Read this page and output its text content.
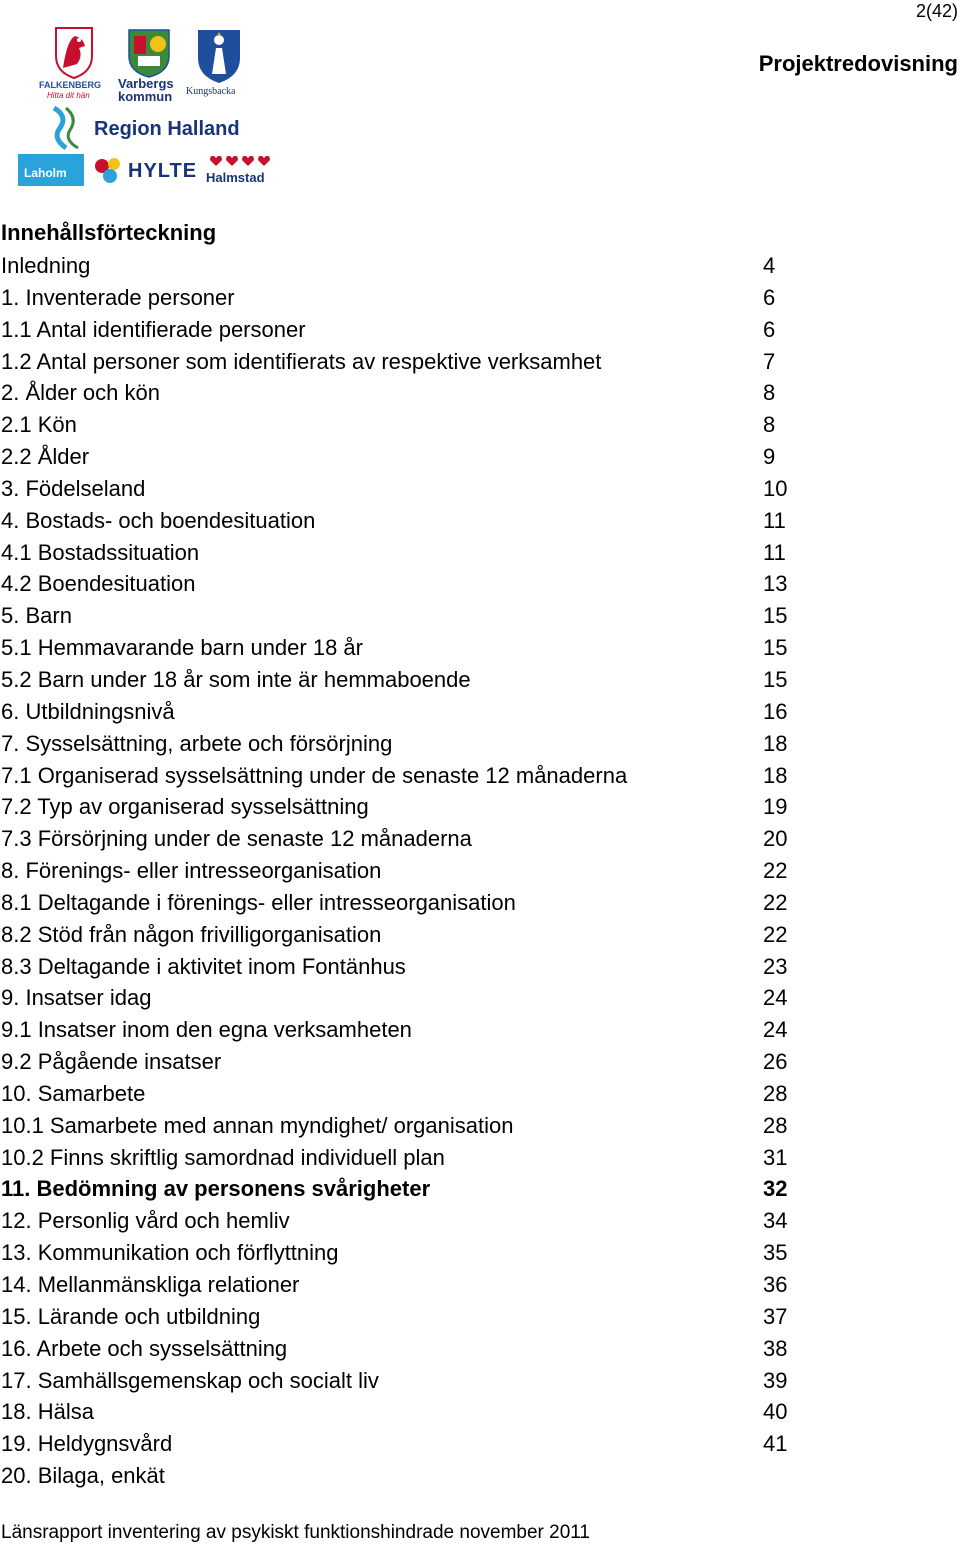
2(42)
Projektredovisning
FALKENBERG
Hitta dit hän
Varbergs
kommun Kungsbacka
Region Halland
Laholm	HYLTE Halmstad
Innehållsförteckning
Inledning	4
1. Inventerade personer	6
1.1 Antal identifierade personer	6
1.2 Antal personer som identifierats av respektive verksamhet	7
2. Ålder och kön	8
2.1 Kön	8
2.2 Ålder	9
3. Födelseland	10
4. Bostads- och boendesituation	11
4.1 Bostadssituation	11
4.2 Boendesituation	13
5. Barn	15
5.1 Hemmavarande barn under 18 år	15
5.2 Barn under 18 år som inte är hemmaboende	15
6. Utbildningsnivå	16
7. Sysselsättning, arbete och försörjning	18
7.1 Organiserad sysselsättning under de senaste 12 månaderna	18
7.2 Typ av organiserad sysselsättning	19
7.3 Försörjning under de senaste 12 månaderna	20
8. Förenings- eller intresseorganisation	22
8.1 Deltagande i förenings- eller intresseorganisation	22
8.2 Stöd från någon frivilligorganisation	22
8.3 Deltagande i aktivitet inom Fontänhus	23
9. Insatser idag	24
9.1 Insatser inom den egna verksamheten	24
9.2 Pågående insatser	26
10. Samarbete	28
10.1 Samarbete med annan myndighet/ organisation	28
10.2 Finns skriftlig samordnad individuell plan	31
11. Bedömning av personens svårigheter	32
12. Personlig vård och hemliv	34
13. Kommunikation och förflyttning	35
14. Mellanmänskliga relationer	36
15. Lärande och utbildning	37
16. Arbete och sysselsättning	38
17. Samhällsgemenskap och socialt liv	39
18. Hälsa	40
19. Heldygnsvård	41
20. Bilaga, enkät
Länsrapport inventering av psykiskt funktionshindrade november 2011
